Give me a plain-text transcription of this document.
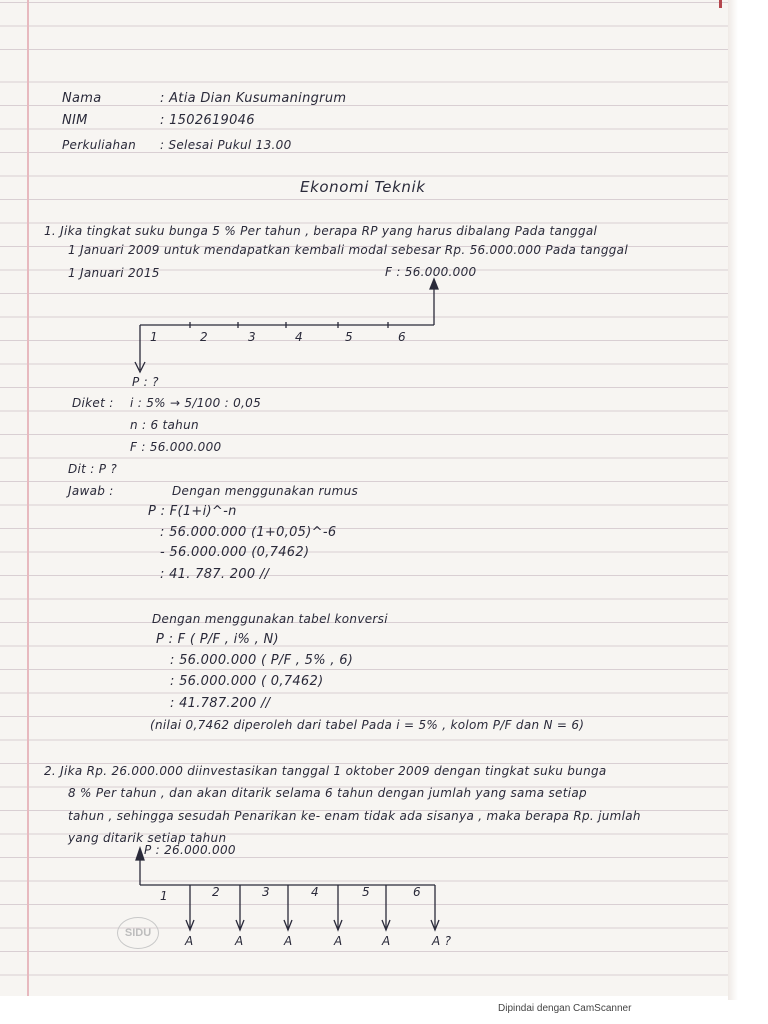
Nama	: Atia Dian Kusumaningrum
NIM	: 1502619046
Perkuliahan : Selesai Pukul 13.00
Ekonomi Teknik
1. Jika tingkat suku bunga 5 % Per tahun , berapa RP yang harus dibalang Pada tanggal
1 Januari 2009 untuk mendapatkan kembali modal sebesar Rp. 56.000.000 Pada tanggal
1 Januari 2015	F : 56.000.000
1	2	3	4	5	6
P : ?
Diket : i : 5% → 5/100 : 0,05
n : 6 tahun
F : 56.000.000
Dit : P ?
Jawab :	Dengan menggunakan rumus
P : F(1+i)^-n
: 56.000.000 (1+0,05)^-6
- 56.000.000 (0,7462)
: 41. 787. 200 //
Dengan menggunakan tabel konversi
P : F ( P/F , i% , N)
: 56.000.000 ( P/F , 5% , 6)
: 56.000.000 ( 0,7462)
: 41.787.200 //
(nilai 0,7462 diperoleh dari tabel Pada i = 5% , kolom P/F dan N = 6)
2. Jika Rp. 26.000.000 diinvestasikan tanggal 1 oktober 2009 dengan tingkat suku bunga
8 % Per tahun , dan akan ditarik selama 6 tahun dengan jumlah yang sama setiap
tahun , sehingga sesudah Penarikan ke- enam tidak ada sisanya , maka berapa Rp. jumlah
yang ditarik setiap tahun
P : 26.000.000
1	2	3	4	5	6
A	A	A	A	A	A ?
SIDU
Dipindai dengan CamScanner
